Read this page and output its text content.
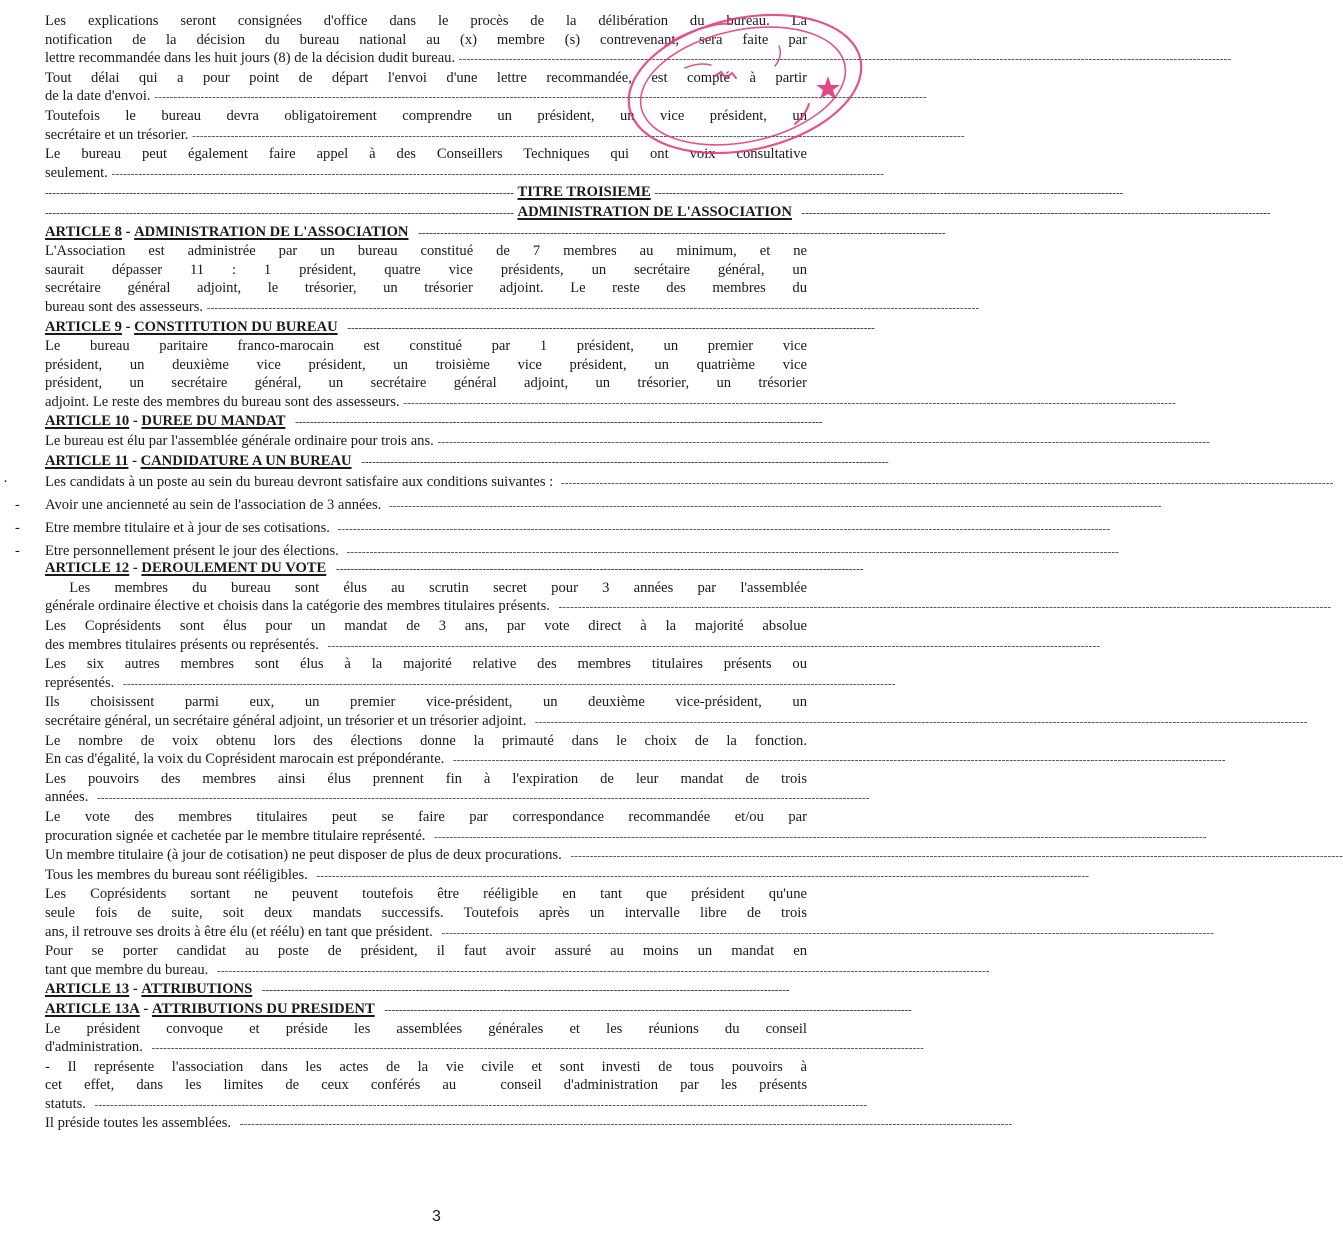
Les explications seront consignées d'office dans le procès de la délibération du bureau. La
notification de la décision du bureau national au (x) membre (s) contrevenant, sera faite par
lettre recommandée dans les huit jours (8) de la décision dudit bureau.
-----
Tout délai qui a pour point de départ l'envoi d'une lettre recommandée, est compté à partir
de la date d'envoi.
-----
Toutefois le bureau devra obligatoirement comprendre un président, un vice président, un
secrétaire et un trésorier.
-----
Le bureau peut également faire appel à des Conseillers Techniques qui ont voix consultative
seulement.
-----
-----
TITRE TROISIEME
-----
-----
ADMINISTRATION DE L'ASSOCIATION
-----
ARTICLE 8 - ADMINISTRATION DE L'ASSOCIATION
-----
L'Association est administrée par un bureau constitué de 7 membres au minimum, et ne
saurait dépasser 11 : 1 président, quatre vice présidents, un secrétaire général, un
secrétaire général adjoint, le trésorier, un trésorier adjoint. Le reste des membres du
bureau sont des assesseurs.
-----
ARTICLE 9 - CONSTITUTION DU BUREAU
-----
Le bureau paritaire franco-marocain est constitué par 1 président, un premier vice
président, un deuxième vice président, un troisième vice président, un quatrième vice
président, un secrétaire général, un secrétaire général adjoint, un trésorier, un trésorier
adjoint. Le reste des membres du bureau sont des assesseurs.
-----
ARTICLE 10 - DUREE DU MANDAT
-----
Le bureau est élu par l'assemblée générale ordinaire pour trois ans.
-----
ARTICLE 11 - CANDIDATURE A UN BUREAU
-----
·	Les candidats à un poste au sein du bureau devront satisfaire aux conditions suivantes :
-----
- Avoir une ancienneté au sein de l'association de 3 années.
-----
- Etre membre titulaire et à jour de ses cotisations.
-----
- Etre personnellement présent le jour des élections.
-----
ARTICLE 12 - DEROULEMENT DU VOTE
-----
Les membres du bureau sont élus au scrutin secret pour 3 années par l'assemblée
générale ordinaire élective et choisis dans la catégorie des membres titulaires présents.
-----
Les Coprésidents sont élus pour un mandat de 3 ans, par vote direct à la majorité absolue
des membres titulaires présents ou représentés.
-----
Les six autres membres sont élus à la majorité relative des membres titulaires présents ou
représentés.
-----
Ils choisissent parmi eux, un premier vice-président, un deuxième vice-président, un
secrétaire général, un secrétaire général adjoint, un trésorier et un trésorier adjoint.
-----
Le nombre de voix obtenu lors des élections donne la primauté dans le choix de la fonction.
En cas d'égalité, la voix du Coprésident marocain est prépondérante.
-----
Les pouvoirs des membres ainsi élus prennent fin à l'expiration de leur mandat de trois
années.
-----
Le vote des membres titulaires peut se faire par correspondance recommandée et/ou par
procuration signée et cachetée par le membre titulaire représenté.
-----
Un membre titulaire (à jour de cotisation) ne peut disposer de plus de deux procurations.
-----
Tous les membres du bureau sont rééligibles.
-----
Les Coprésidents sortant ne peuvent toutefois être rééligible en tant que président qu'une
seule fois de suite, soit deux mandats successifs. Toutefois après un intervalle libre de trois
ans, il retrouve ses droits à être élu (et réélu) en tant que président.
-----
Pour se porter candidat au poste de président, il faut avoir assuré au moins un mandat en
tant que membre du bureau.
-----
ARTICLE 13 - ATTRIBUTIONS
-----
ARTICLE 13A - ATTRIBUTIONS DU PRESIDENT
-----
Le président convoque et préside les assemblées générales et les réunions du conseil
d'administration.
-----
- Il représente l'association dans les actes de la vie civile et sont investi de tous pouvoirs à
cet effet, dans les limites de ceux conférés au  conseil d'administration par les présents
statuts.
-----
Il préside toutes les assemblées.
-----
3
